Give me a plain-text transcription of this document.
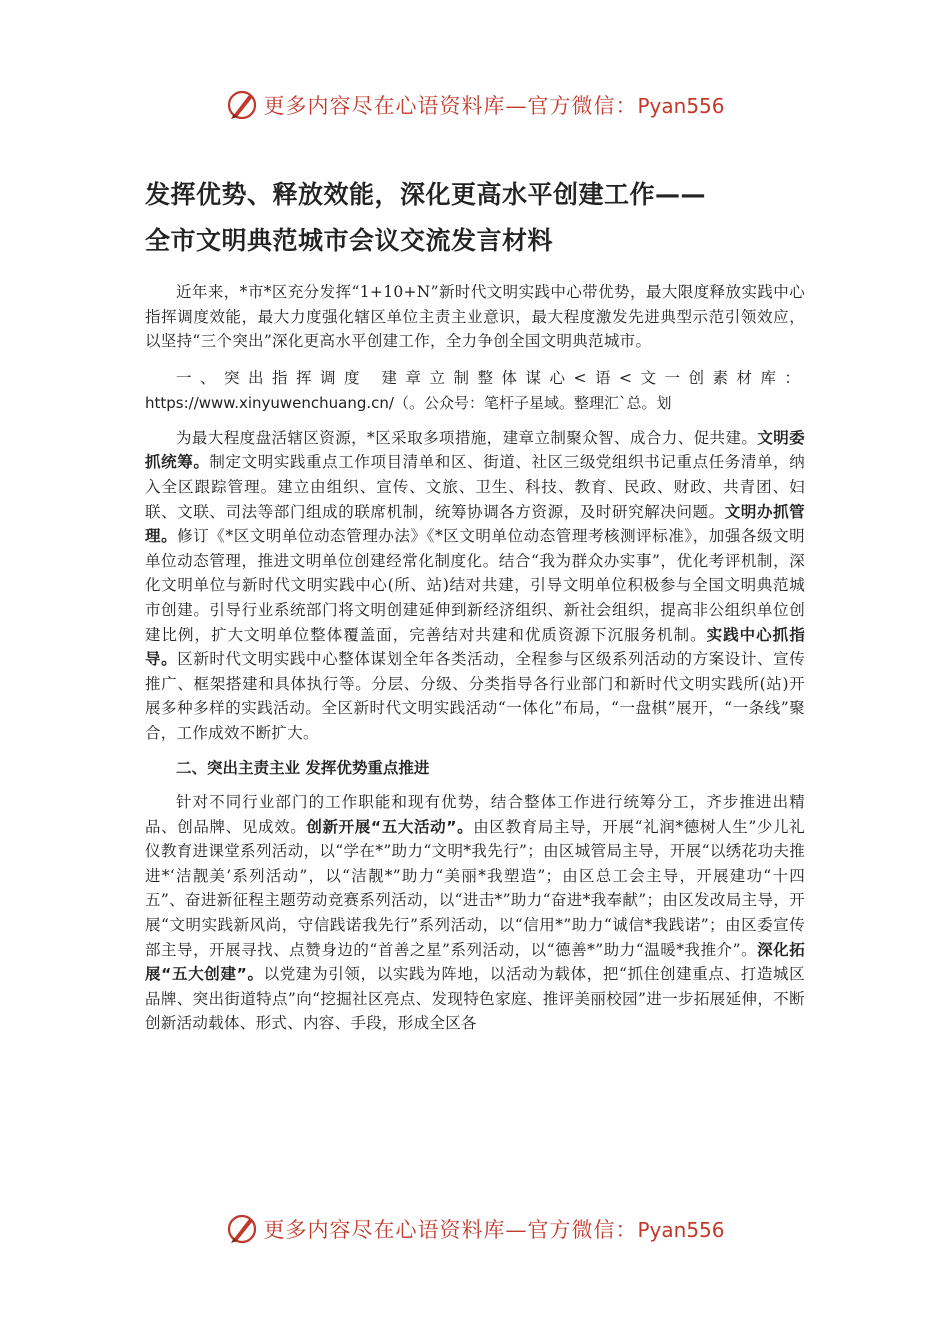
更多内容尽在心语资料库—官方微信：Pyan556
发挥优势、释放效能，深化更高水平创建工作——
全市文明典范城市会议交流发言材料

近年来，*市*区充分发挥“1+10+N”新时代文明实践中心带优势，最大限度释放实践中心指挥调度效能，最大力度强化辖区单位主责主业意识，最大程度激发先进典型示范引领效应，以坚持“三个突出”深化更高水平创建工作，全力争创全国文明典范城市。

一、突出指挥调度 建章立制整体谋心<语<文一创素材库：
https://www.xinyuwenchuang.cn/（。公众号：笔杆子星域。整理汇`总。划

为最大程度盘活辖区资源，*区采取多项措施，建章立制聚众智、成合力、促共建。文明委抓统筹。制定文明实践重点工作项目清单和区、街道、社区三级党组织书记重点任务清单，纳入全区跟踪管理。建立由组织、宣传、文旅、卫生、科技、教育、民政、财政、共青团、妇联、文联、司法等部门组成的联席机制，统筹协调各方资源，及时研究解决问题。文明办抓管理。修订《*区文明单位动态管理办法》《*区文明单位动态管理考核测评标准》，加强各级文明单位动态管理，推进文明单位创建经常化制度化。结合“我为群众办实事”，优化考评机制，深化文明单位与新时代文明实践中心(所、站)结对共建，引导文明单位积极参与全国文明典范城市创建。引导行业系统部门将文明创建延伸到新经济组织、新社会组织，提高非公组织单位创建比例，扩大文明单位整体覆盖面，完善结对共建和优质资源下沉服务机制。实践中心抓指导。区新时代文明实践中心整体谋划全年各类活动，全程参与区级系列活动的方案设计、宣传推广、框架搭建和具体执行等。分层、分级、分类指导各行业部门和新时代文明实践所(站)开展多种多样的实践活动。全区新时代文明实践活动“一体化”布局，“一盘棋”展开，“一条线”聚合，工作成效不断扩大。

二、突出主责主业 发挥优势重点推进

针对不同行业部门的工作职能和现有优势，结合整体工作进行统筹分工，齐步推进出精品、创品牌、见成效。创新开展“五大活动”。由区教育局主导，开展“礼润*德树人生”少儿礼仪教育进课堂系列活动，以“学在*”助力“文明*我先行”；由区城管局主导，开展“以绣花功夫推进*‘洁靓美’系列活动”，以“洁靓*”助力“美丽*我塑造”；由区总工会主导，开展建功“十四五”、奋进新征程主题劳动竞赛系列活动，以“进击*”助力“奋进*我奉献”；由区发改局主导，开展“文明实践新风尚，守信践诺我先行”系列活动，以“信用*”助力“诚信*我践诺”；由区委宣传部主导，开展寻找、点赞身边的“首善之星”系列活动，以“德善*”助力“温暖*我推介”。深化拓展“五大创建”。以党建为引领，以实践为阵地，以活动为载体，把“抓住创建重点、打造城区品牌、突出街道特点”向“挖掘社区亮点、发现特色家庭、推评美丽校园”进一步拓展延伸，不断创新活动载体、形式、内容、手段，形成全区各

更多内容尽在心语资料库—官方微信：Pyan556
